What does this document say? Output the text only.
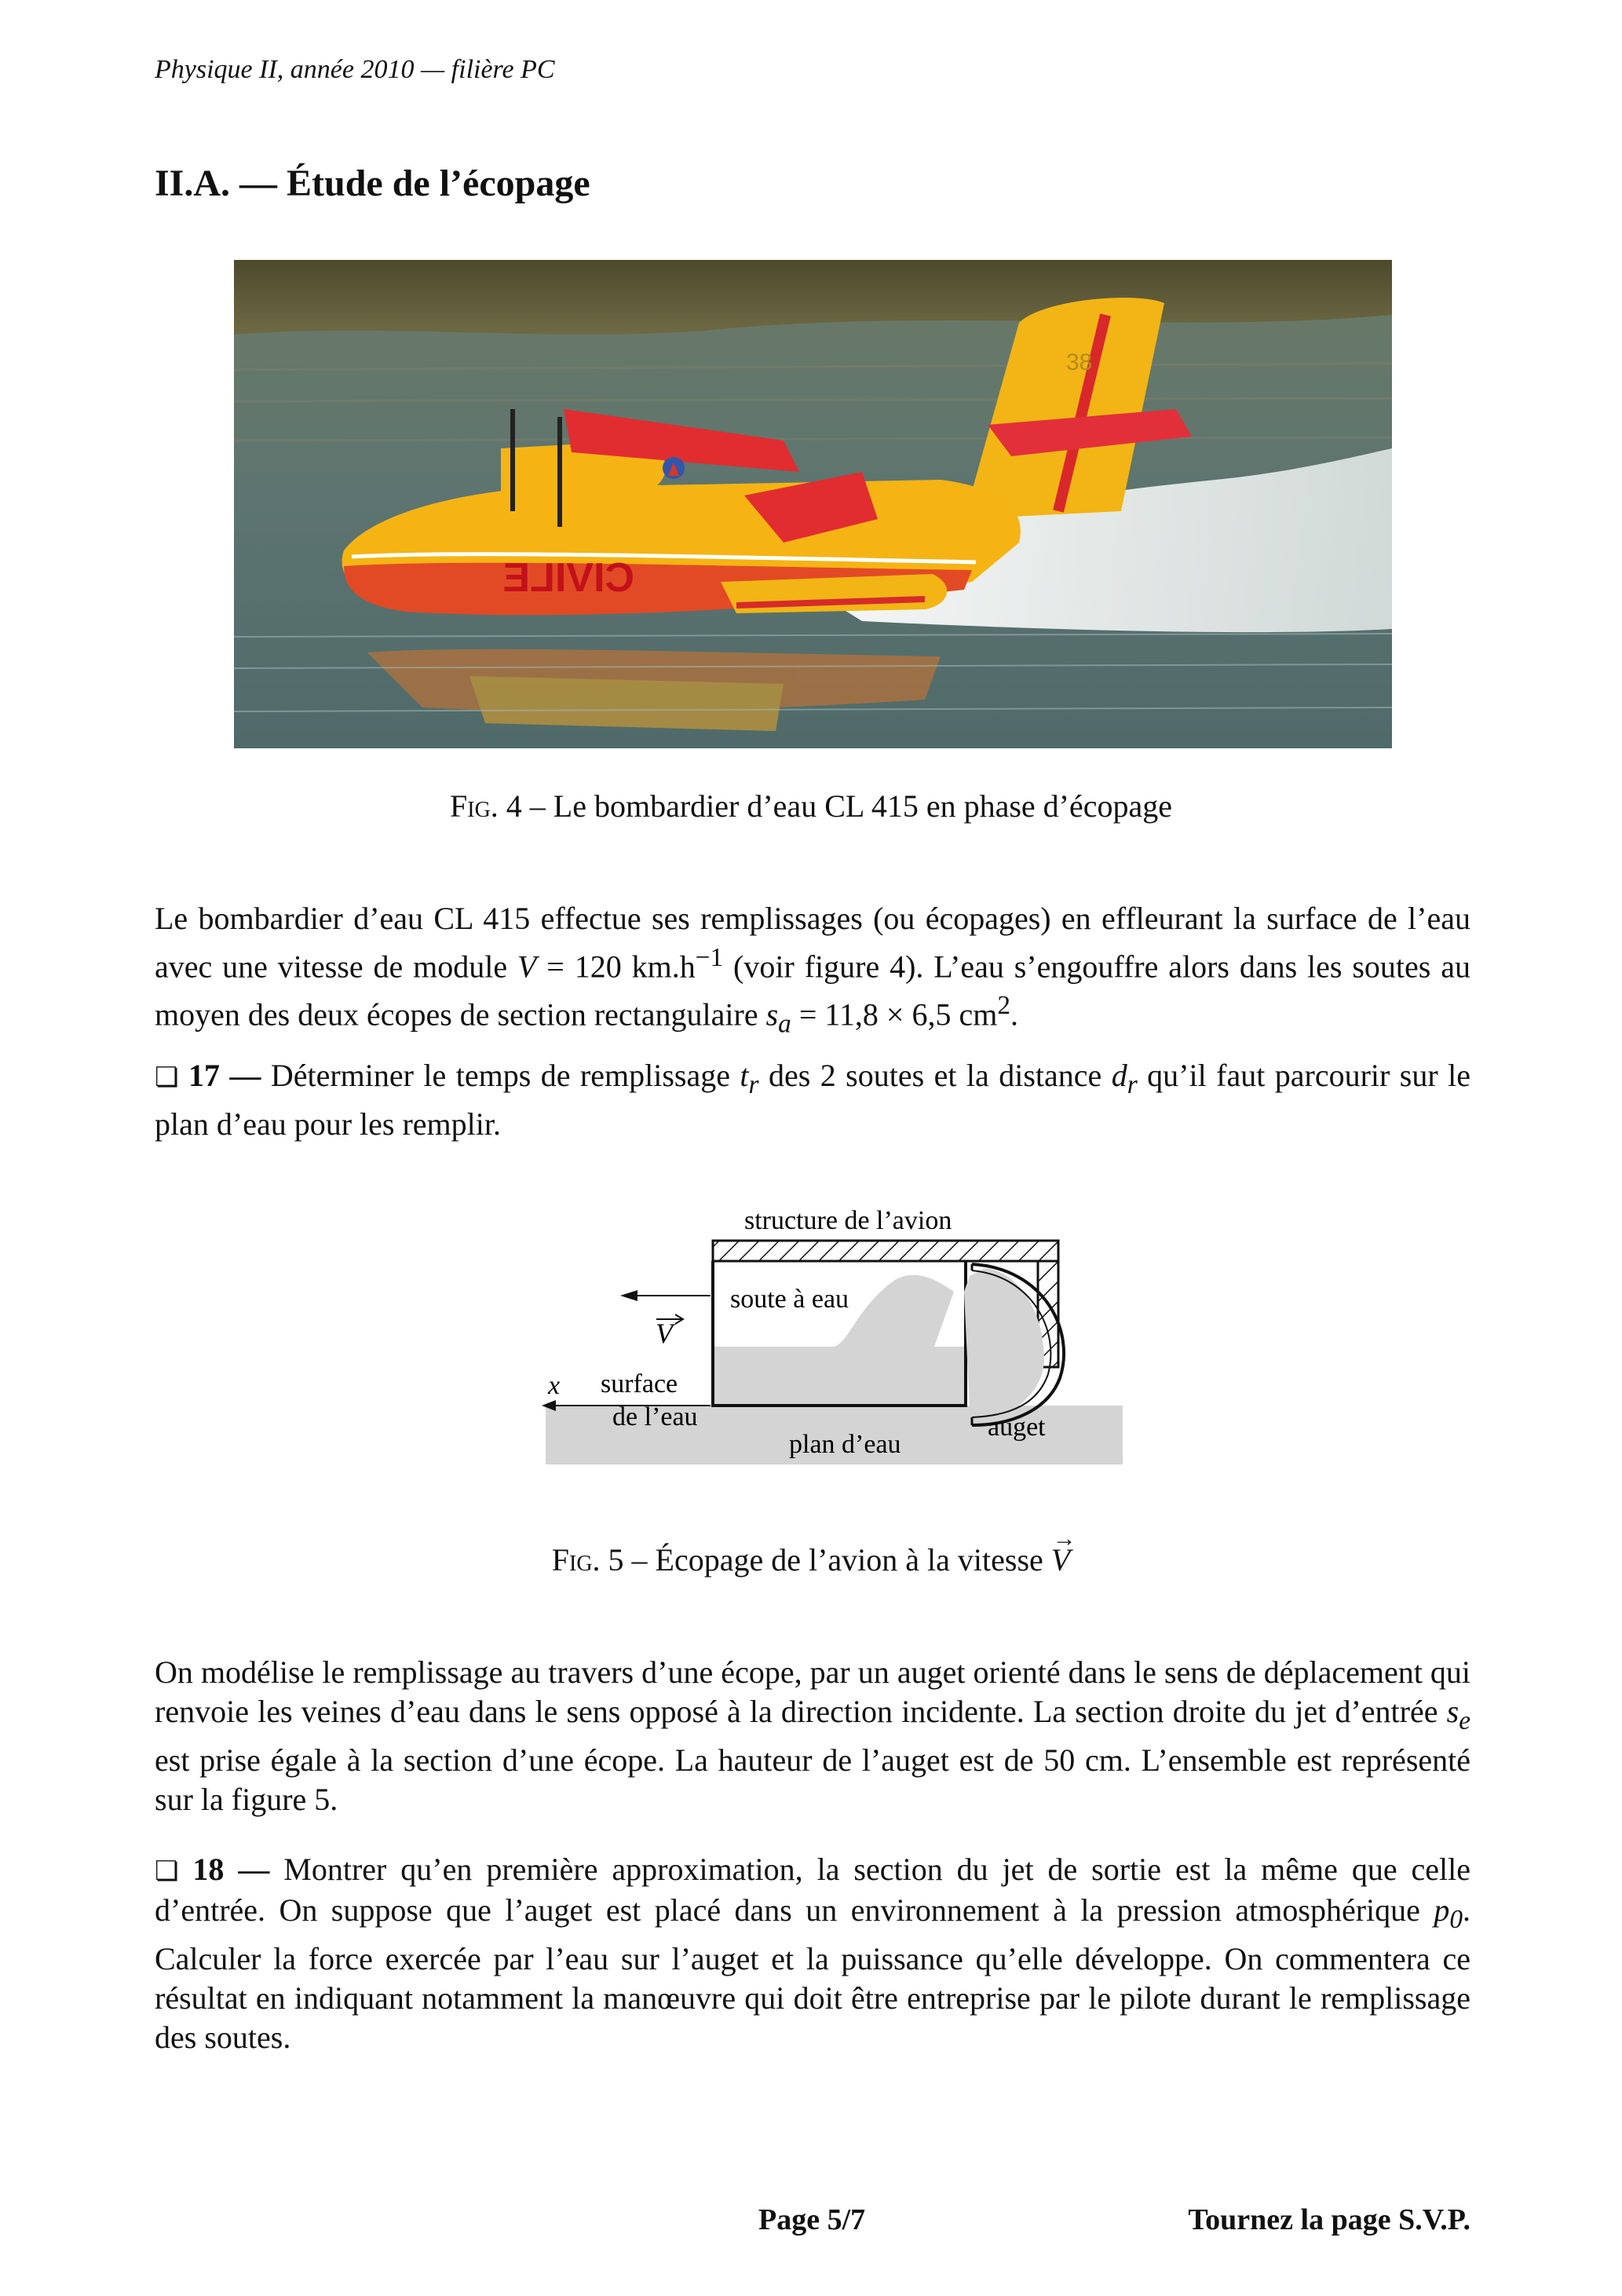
Physique II, année 2010 — filière PC
II.A. — Étude de l’écopage
38
CIVILE
Fig. 4 – Le bombardier d’eau CL 415 en phase d’écopage
Le bombardier d’eau CL 415 effectue ses remplissages (ou écopages) en effleurant la surface de l’eau avec une vitesse de module V = 120 $km.h^{-1}$ (voir figure 4). L’eau s’engouffre alors dans les soutes au moyen des deux écopes de section rectangulaire $s_a = 11,8 \times 6,5$ $cm^2$.
❏ 17 — Déterminer le temps de remplissage $t_r$ des 2 soutes et la distance $d_r$ qu’il faut parcourir sur le plan d’eau pour les remplir.
structure de l’avion
soute à eau
V
x surface
de l’eau
plan d’eau
auget
Fig. 5 – Écopage de l’avion à la vitesse
→
V
On modélise le remplissage au travers d’une écope, par un auget orienté dans le sens de déplacement qui renvoie les veines d’eau dans le sens opposé à la direction incidente. La section droite du jet d’entrée $s_e$ est prise égale à la section d’une écope. La hauteur de l’auget est de 50 cm. L’ensemble est représenté sur la figure 5.
❏ 18 — Montrer qu’en première approximation, la section du jet de sortie est la même que celle d’entrée. On suppose que l’auget est placé dans un environnement à la pression atmosphérique $p_0$. Calculer la force exercée par l’eau sur l’auget et la puissance qu’elle développe. On commentera ce résultat en indiquant notamment la manœuvre qui doit être entreprise par le pilote durant le remplissage des soutes.
Page 5/7	Tournez la page S.V.P.
